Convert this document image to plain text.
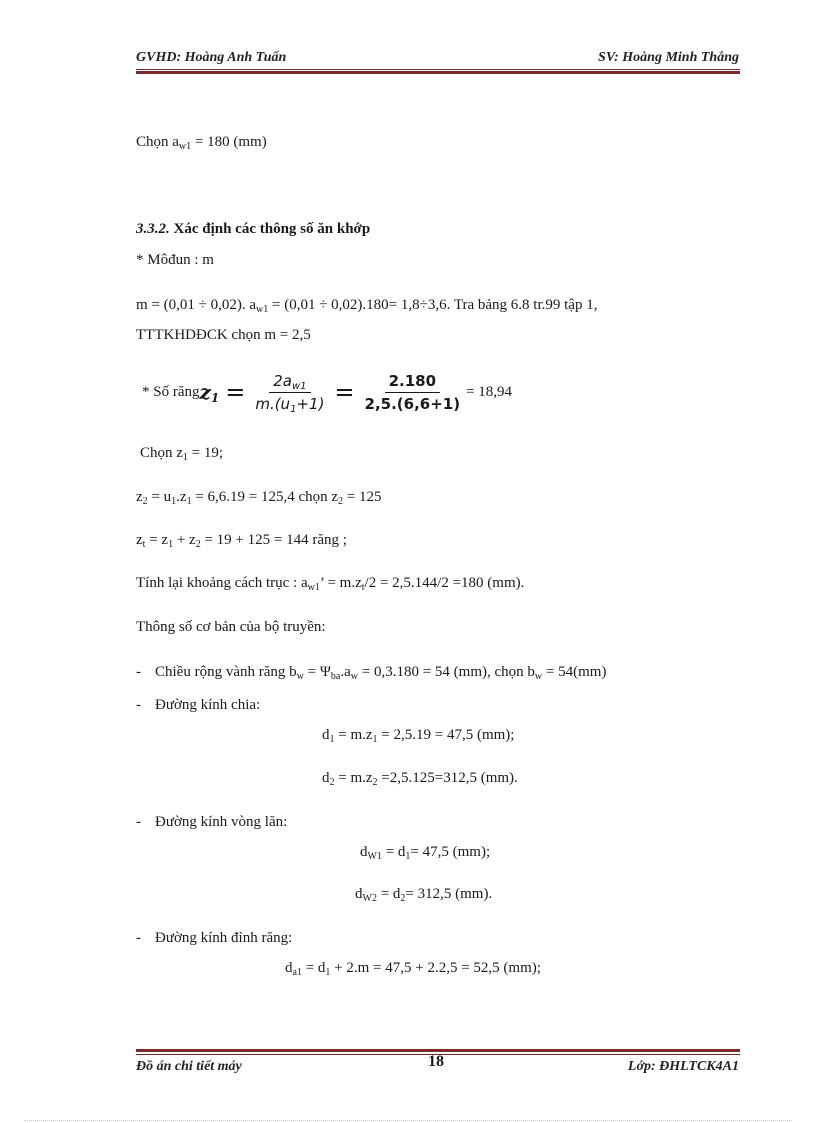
GVHD: Hoàng Anh Tuấn	SV: Hoàng Minh Thắng
Chọn $a_{w1} = 180$ (mm)
3.3.2. Xác định các thông số ăn khớp
* Môđun : m
m = (0,01 ÷ 0,02). $a_{w1} = (0,01 \div 0,02).180= 1,8\div 3,6$. Tra bảng 6.8 tr.99 tập 1,
TTTKHDĐCK chọn m = 2,5
* Số răng $z_1 = \frac{2a_{w1}}{m.(u_1+1)} = \frac{2.180}{2,5.(6,6+1)} = 18,94$
Chọn $z_1 = 19$;
$z_2 = u_1.z_1 = 6,6.19 = 125,4$ chọn $z_2 = 125$
$z_t = z_1 + z_2 = 19 + 125 = 144$ răng ;
Tính lại khoảng cách trục : $a_{w1}$’ = $m.z_t/2 = 2,5.144/2 =180$ (mm).
Thông số cơ bản của bộ truyền:
- Chiều rộng vành răng $b_w = \Psi_{ba}.a_w = 0,3.180 = 54$ (mm), chọn $b_w = 54(mm)$
- Đường kính chia:
$d_1 = m.z_1 = 2,5.19 = 47,5$ (mm);
$d_2 = m.z_2 =2,5.125=312,5$ (mm).
- Đường kính vòng lăn:
$d_{W1} = d_1= 47,5$ (mm);
$d_{W2} = d_2= 312,5$ (mm).
- Đường kính đỉnh răng:
$d_{a1} = d_1 + 2.m = 47,5 + 2.2,5 = 52,5$ (mm);
Đồ án chi tiết máy	18	Lớp: ĐHLTCK4A1
